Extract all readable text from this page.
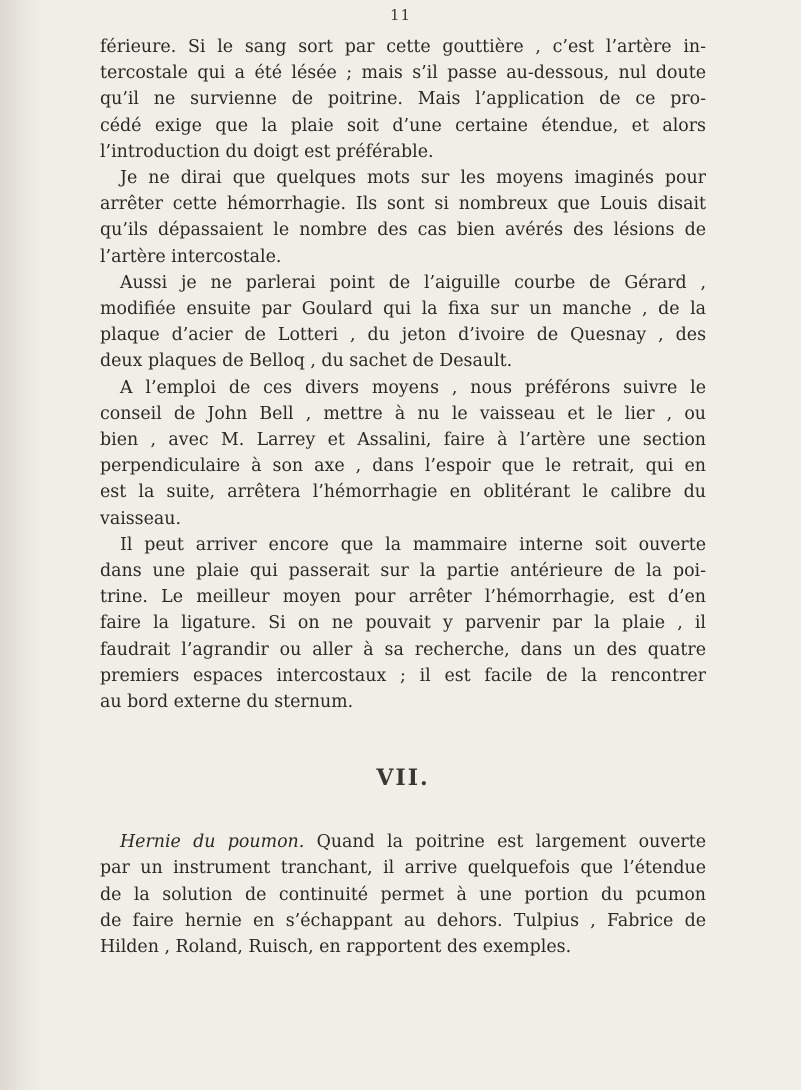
11

férieure. Si le sang sort par cette gouttière , c’est l’artère in-
tercostale qui a été lésée ; mais s’il passe au-dessous, nul doute
qu’il ne survienne de poitrine. Mais l’application de ce pro-
cédé exige que la plaie soit d’une certaine étendue, et alors
l’introduction du doigt est préférable.

Je ne dirai que quelques mots sur les moyens imaginés pour
arrêter cette hémorrhagie. Ils sont si nombreux que Louis disait
qu’ils dépassaient le nombre des cas bien avérés des lésions de
l’artère intercostale.

Aussi je ne parlerai point de l’aiguille courbe de Gérard ,
modifiée ensuite par Goulard qui la fixa sur un manche , de la
plaque d’acier de Lotteri , du jeton d’ivoire de Quesnay , des
deux plaques de Belloq , du sachet de Desault.

A l’emploi de ces divers moyens , nous préférons suivre le
conseil de John Bell , mettre à nu le vaisseau et le lier , ou
bien , avec M. Larrey et Assalini, faire à l’artère une section
perpendiculaire à son axe , dans l’espoir que le retrait, qui en
est la suite, arrêtera l’hémorrhagie en oblitérant le calibre du
vaisseau.

Il peut arriver encore que la mammaire interne soit ouverte
dans une plaie qui passerait sur la partie antérieure de la poi-
trine. Le meilleur moyen pour arrêter l’hémorrhagie, est d’en
faire la ligature. Si on ne pouvait y parvenir par la plaie , il
faudrait l’agrandir ou aller à sa recherche, dans un des quatre
premiers espaces intercostaux ; il est facile de la rencontrer
au bord externe du sternum.

VII.

Hernie du poumon. Quand la poitrine est largement ouverte
par un instrument tranchant, il arrive quelquefois que l’étendue
de la solution de continuité permet à une portion du pcumon
de faire hernie en s’échappant au dehors. Tulpius , Fabrice de
Hilden , Roland, Ruisch, en rapportent des exemples.
